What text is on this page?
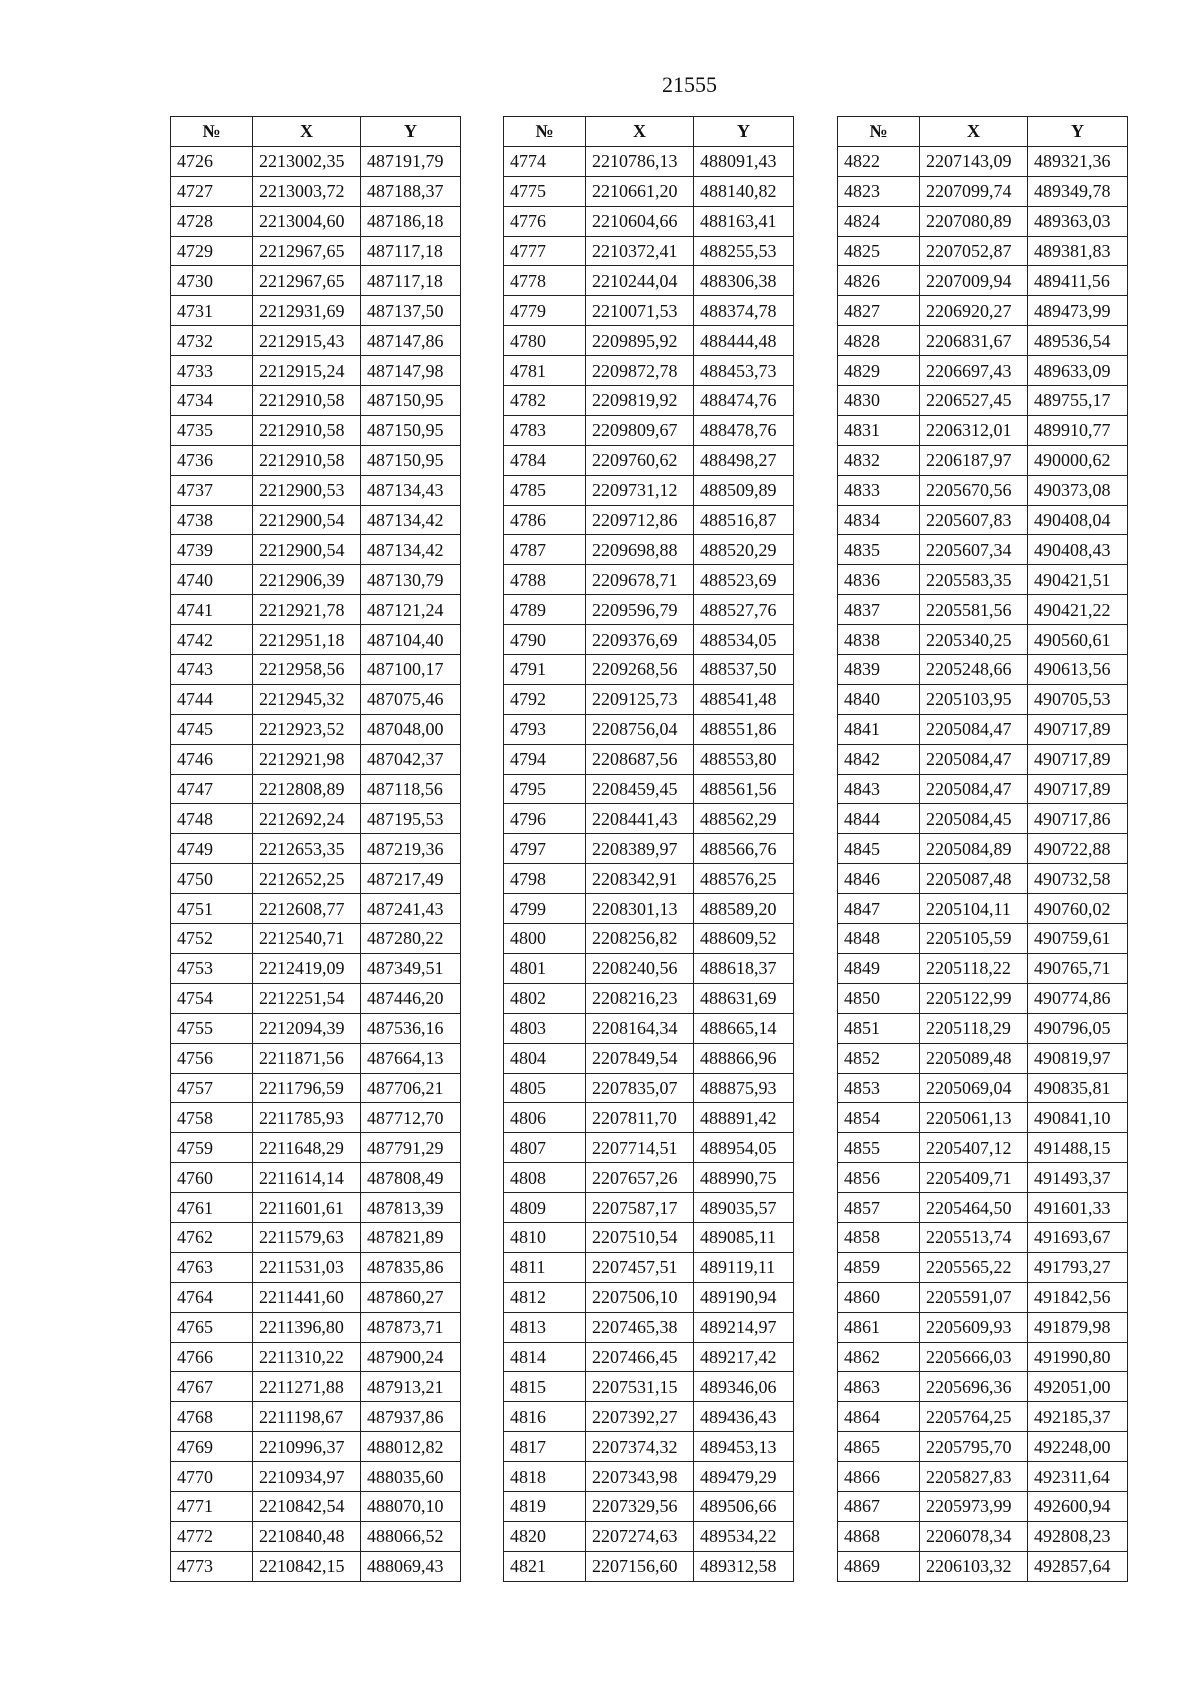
21555
№	X	Y
4726	2213002,35	487191,79
4727	2213003,72	487188,37
4728	2213004,60	487186,18
4729	2212967,65	487117,18
4730	2212967,65	487117,18
4731	2212931,69	487137,50
4732	2212915,43	487147,86
4733	2212915,24	487147,98
4734	2212910,58	487150,95
4735	2212910,58	487150,95
4736	2212910,58	487150,95
4737	2212900,53	487134,43
4738	2212900,54	487134,42
4739	2212900,54	487134,42
4740	2212906,39	487130,79
4741	2212921,78	487121,24
4742	2212951,18	487104,40
4743	2212958,56	487100,17
4744	2212945,32	487075,46
4745	2212923,52	487048,00
4746	2212921,98	487042,37
4747	2212808,89	487118,56
4748	2212692,24	487195,53
4749	2212653,35	487219,36
4750	2212652,25	487217,49
4751	2212608,77	487241,43
4752	2212540,71	487280,22
4753	2212419,09	487349,51
4754	2212251,54	487446,20
4755	2212094,39	487536,16
4756	2211871,56	487664,13
4757	2211796,59	487706,21
4758	2211785,93	487712,70
4759	2211648,29	487791,29
4760	2211614,14	487808,49
4761	2211601,61	487813,39
4762	2211579,63	487821,89
4763	2211531,03	487835,86
4764	2211441,60	487860,27
4765	2211396,80	487873,71
4766	2211310,22	487900,24
4767	2211271,88	487913,21
4768	2211198,67	487937,86
4769	2210996,37	488012,82
4770	2210934,97	488035,60
4771	2210842,54	488070,10
4772	2210840,48	488066,52
4773	2210842,15	488069,43
№	X	Y
4774	2210786,13	488091,43
4775	2210661,20	488140,82
4776	2210604,66	488163,41
4777	2210372,41	488255,53
4778	2210244,04	488306,38
4779	2210071,53	488374,78
4780	2209895,92	488444,48
4781	2209872,78	488453,73
4782	2209819,92	488474,76
4783	2209809,67	488478,76
4784	2209760,62	488498,27
4785	2209731,12	488509,89
4786	2209712,86	488516,87
4787	2209698,88	488520,29
4788	2209678,71	488523,69
4789	2209596,79	488527,76
4790	2209376,69	488534,05
4791	2209268,56	488537,50
4792	2209125,73	488541,48
4793	2208756,04	488551,86
4794	2208687,56	488553,80
4795	2208459,45	488561,56
4796	2208441,43	488562,29
4797	2208389,97	488566,76
4798	2208342,91	488576,25
4799	2208301,13	488589,20
4800	2208256,82	488609,52
4801	2208240,56	488618,37
4802	2208216,23	488631,69
4803	2208164,34	488665,14
4804	2207849,54	488866,96
4805	2207835,07	488875,93
4806	2207811,70	488891,42
4807	2207714,51	488954,05
4808	2207657,26	488990,75
4809	2207587,17	489035,57
4810	2207510,54	489085,11
4811	2207457,51	489119,11
4812	2207506,10	489190,94
4813	2207465,38	489214,97
4814	2207466,45	489217,42
4815	2207531,15	489346,06
4816	2207392,27	489436,43
4817	2207374,32	489453,13
4818	2207343,98	489479,29
4819	2207329,56	489506,66
4820	2207274,63	489534,22
4821	2207156,60	489312,58
№	X	Y
4822	2207143,09	489321,36
4823	2207099,74	489349,78
4824	2207080,89	489363,03
4825	2207052,87	489381,83
4826	2207009,94	489411,56
4827	2206920,27	489473,99
4828	2206831,67	489536,54
4829	2206697,43	489633,09
4830	2206527,45	489755,17
4831	2206312,01	489910,77
4832	2206187,97	490000,62
4833	2205670,56	490373,08
4834	2205607,83	490408,04
4835	2205607,34	490408,43
4836	2205583,35	490421,51
4837	2205581,56	490421,22
4838	2205340,25	490560,61
4839	2205248,66	490613,56
4840	2205103,95	490705,53
4841	2205084,47	490717,89
4842	2205084,47	490717,89
4843	2205084,47	490717,89
4844	2205084,45	490717,86
4845	2205084,89	490722,88
4846	2205087,48	490732,58
4847	2205104,11	490760,02
4848	2205105,59	490759,61
4849	2205118,22	490765,71
4850	2205122,99	490774,86
4851	2205118,29	490796,05
4852	2205089,48	490819,97
4853	2205069,04	490835,81
4854	2205061,13	490841,10
4855	2205407,12	491488,15
4856	2205409,71	491493,37
4857	2205464,50	491601,33
4858	2205513,74	491693,67
4859	2205565,22	491793,27
4860	2205591,07	491842,56
4861	2205609,93	491879,98
4862	2205666,03	491990,80
4863	2205696,36	492051,00
4864	2205764,25	492185,37
4865	2205795,70	492248,00
4866	2205827,83	492311,64
4867	2205973,99	492600,94
4868	2206078,34	492808,23
4869	2206103,32	492857,64
